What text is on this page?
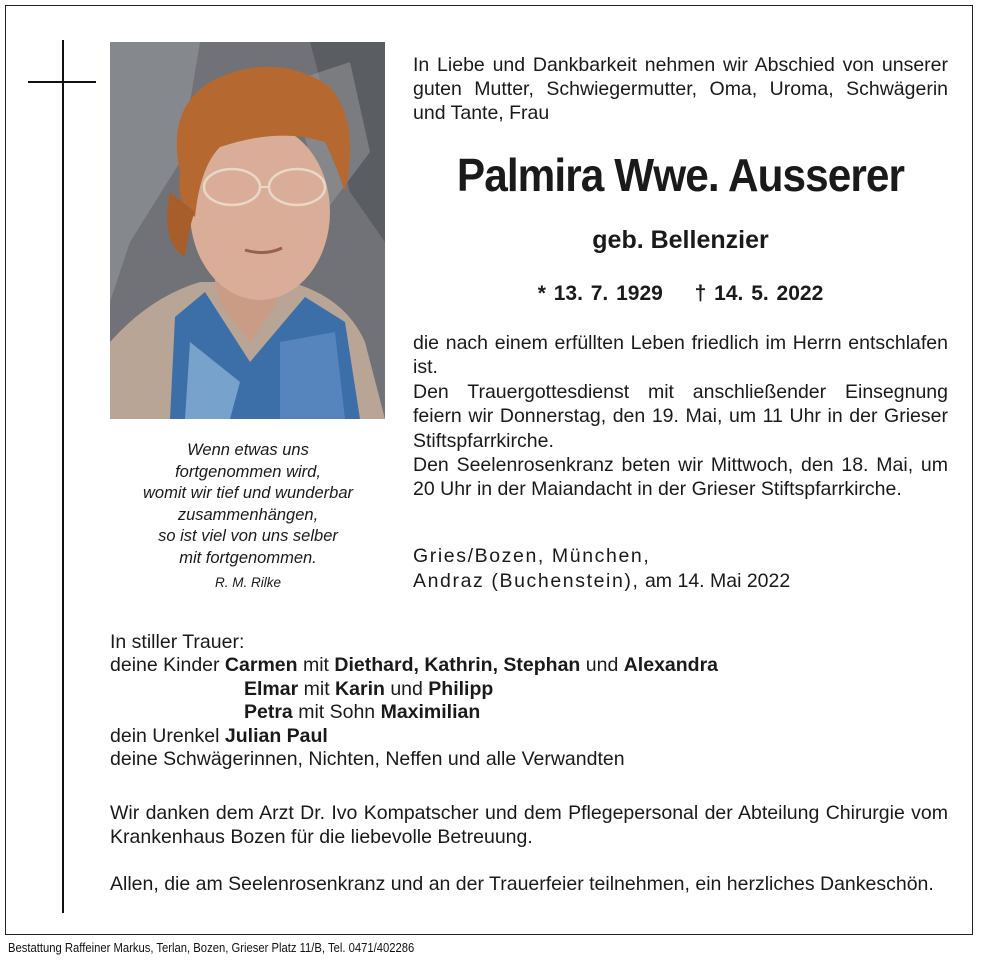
Wenn etwas uns
fortgenommen wird,
womit wir tief und wunderbar
zusammenhängen,
so ist viel von uns selber
mit fortgenommen.
R. M. Rilke
In Liebe und Dankbarkeit nehmen wir Abschied von unserer guten Mutter, Schwiegermutter, Oma, Uroma, Schwägerin und Tante, Frau
Palmira Wwe. Ausserer
geb. Bellenzier
* 13. 7. 1929 † 14. 5. 2022
die nach einem erfüllten Leben friedlich im Herrn entschlafen ist.
Den Trauergottesdienst mit anschließender Einsegnung feiern wir Donnerstag, den 19. Mai, um 11 Uhr in der Grieser Stiftspfarrkirche.
Den Seelenrosenkranz beten wir Mittwoch, den 18. Mai, um 20 Uhr in der Maiandacht in der Grieser Stiftspfarrkirche.
Gries/Bozen, München,
Andraz (Buchenstein), am 14. Mai 2022
In stiller Trauer:
deine Kinder Carmen mit Diethard, Kathrin, Stephan und Alexandra
Elmar mit Karin und Philipp
Petra mit Sohn Maximilian
dein Urenkel Julian Paul
deine Schwägerinnen, Nichten, Neffen und alle Verwandten
Wir danken dem Arzt Dr. Ivo Kompatscher und dem Pflegepersonal der Abteilung Chirurgie vom Krankenhaus Bozen für die liebevolle Betreuung.
Allen, die am Seelenrosenkranz und an der Trauerfeier teilnehmen, ein herzliches Dankeschön.
Bestattung Raffeiner Markus, Terlan, Bozen, Grieser Platz 11/B, Tel. 0471/402286
